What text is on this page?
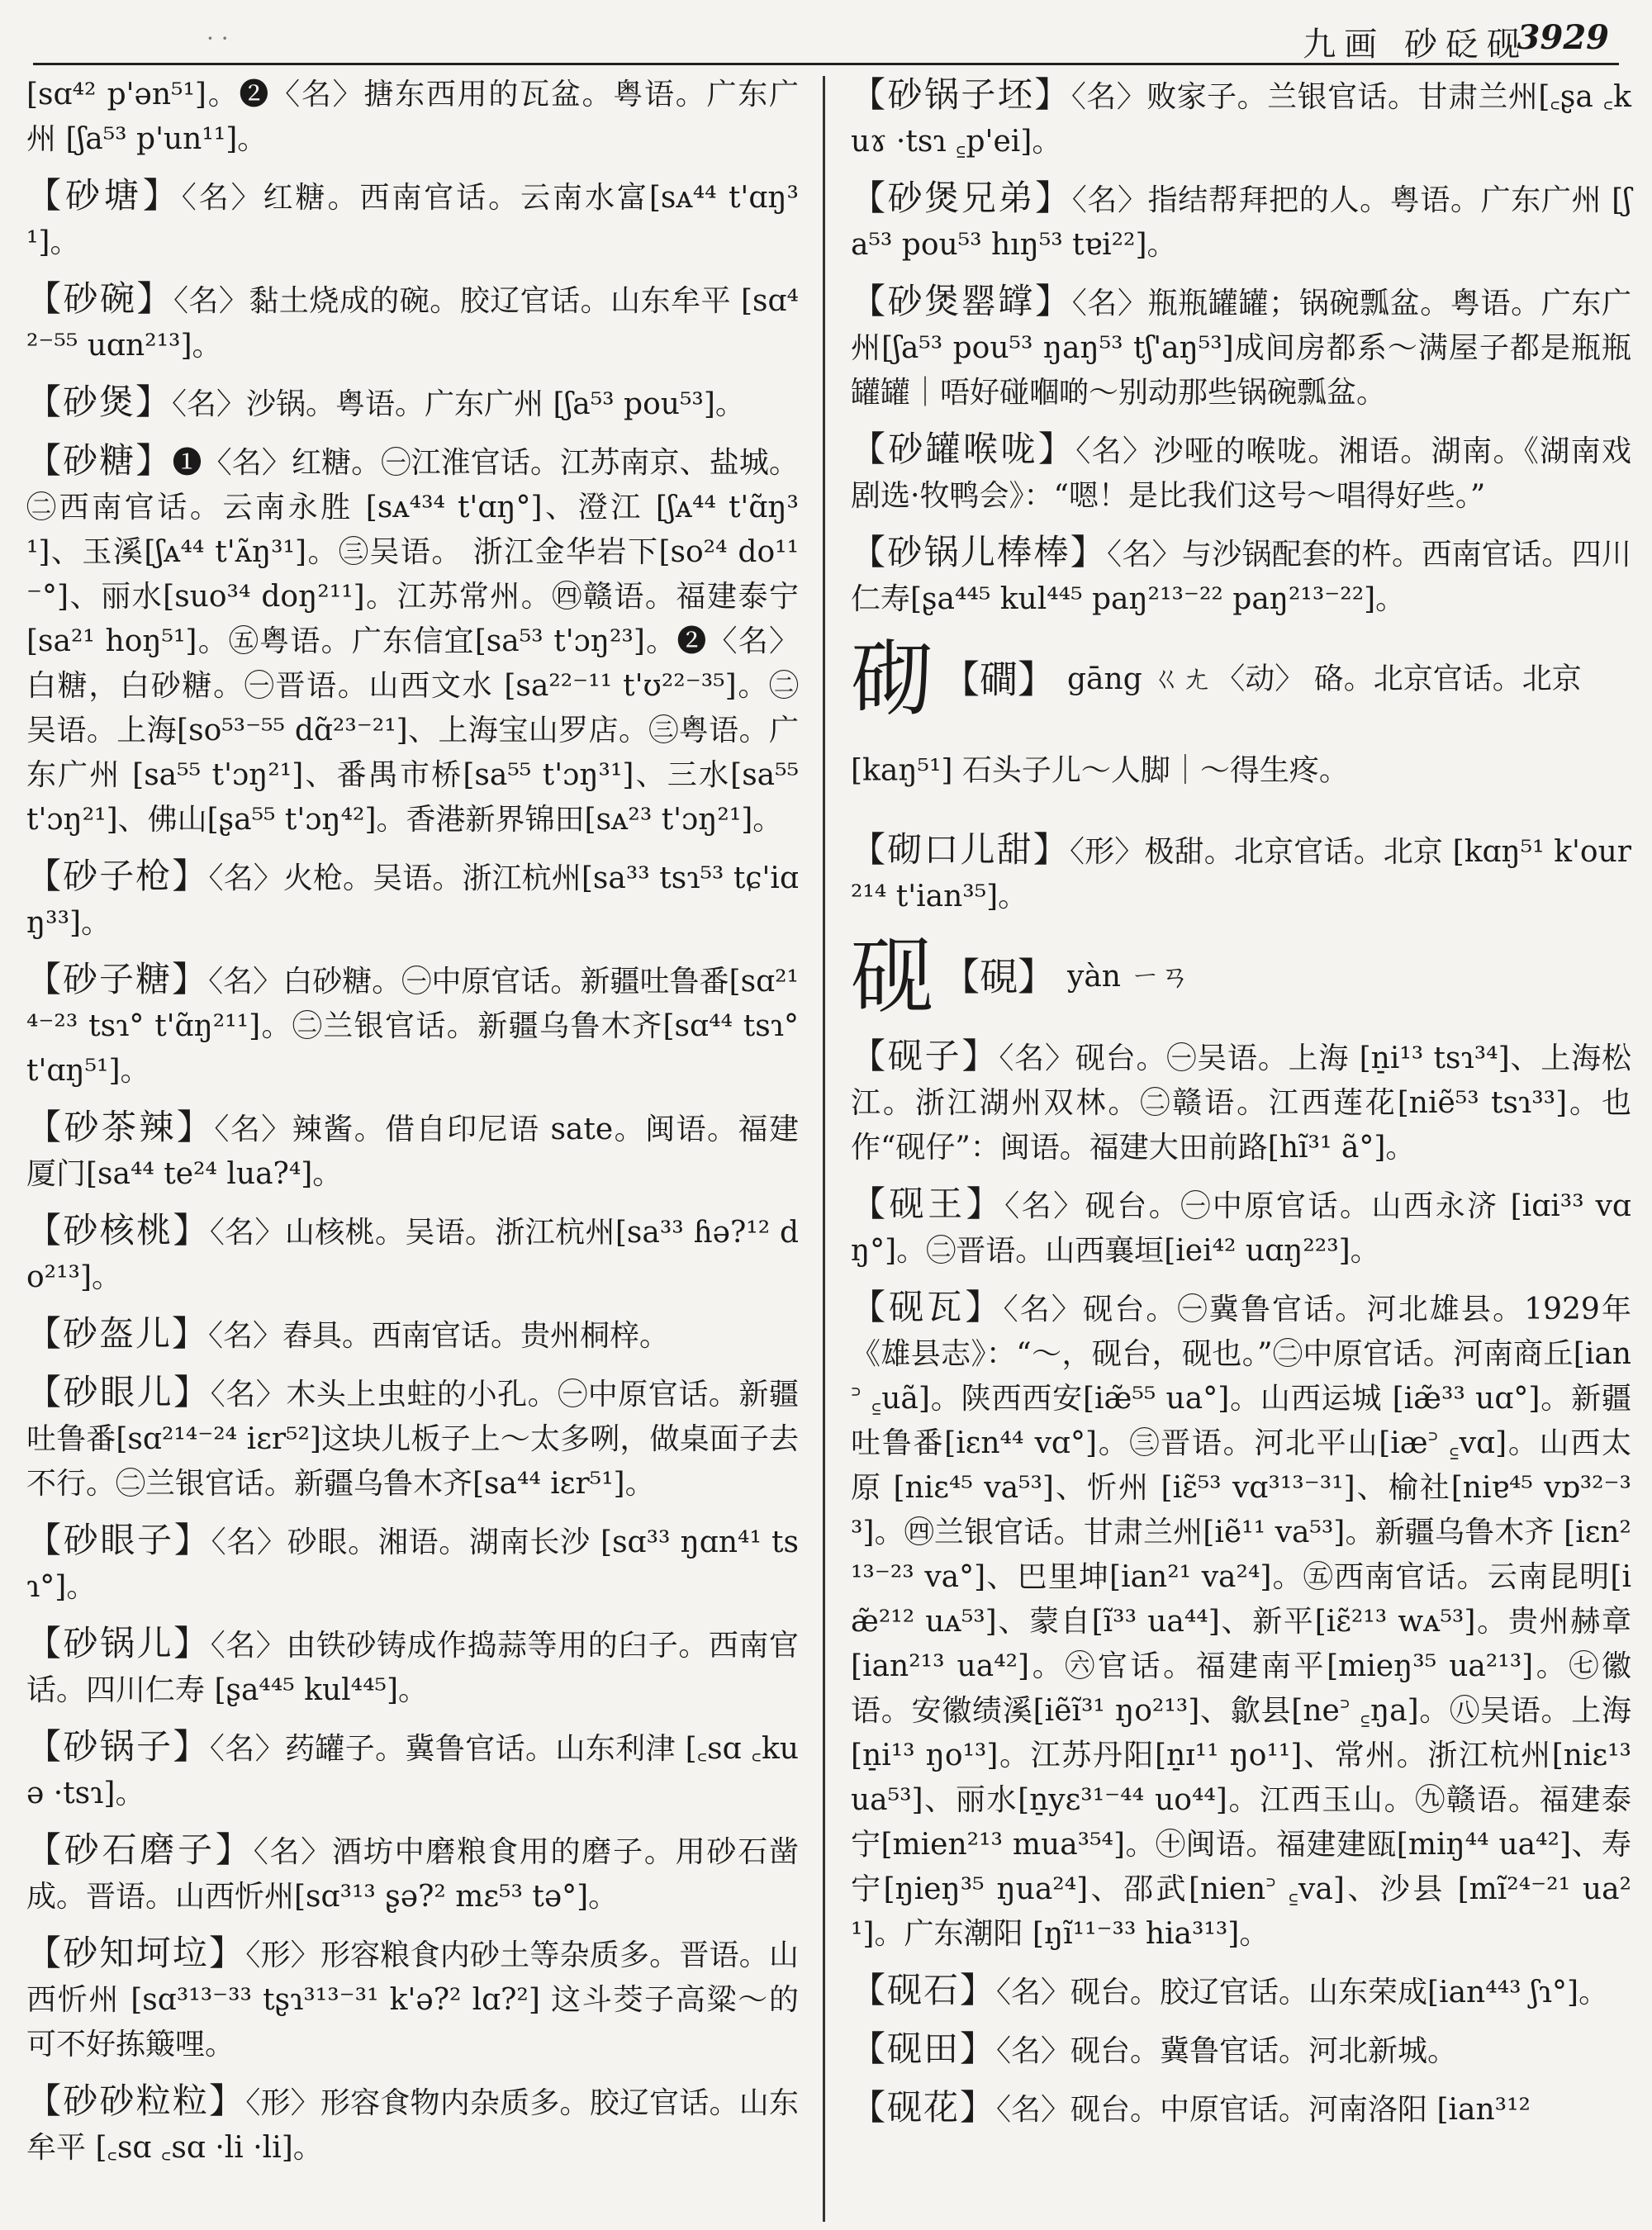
· ·	九画 砂砭砚
3929

[sɑ⁴² p'ən⁵¹]。❷〈名〉搪东西用的瓦盆。粤语。广东广州 [ʃa⁵³ p'un¹¹]。

【砂塘】〈名〉红糖。西南官话。云南水富[sᴀ⁴⁴ t'ɑŋ³¹]。

【砂碗】〈名〉黏土烧成的碗。胶辽官话。山东牟平 [sɑ⁴²⁻⁵⁵ uɑn²¹³]。

【砂煲】〈名〉沙锅。粤语。广东广州 [ʃa⁵³ pou⁵³]。

【砂糖】❶〈名〉红糖。㊀江淮官话。江苏南京、盐城。㊁西南官话。云南永胜 [sᴀ⁴³⁴ t'ɑŋ°]、澄江 [ʃᴀ⁴⁴ t'ɑ̃ŋ³¹]、玉溪[ʃᴀ⁴⁴ t'ᴀ̃ŋ³¹]。㊂吴语。 浙江金华岩下[so²⁴ do¹¹⁻°]、丽水[suo³⁴ doŋ²¹¹]。江苏常州。㊃赣语。福建泰宁[sa²¹ hoŋ⁵¹]。㊄粤语。广东信宜[sa⁵³ t'ɔŋ²³]。❷〈名〉白糖，白砂糖。㊀晋语。山西文水 [sa²²⁻¹¹ t'ʊ²²⁻³⁵]。㊁吴语。上海[so⁵³⁻⁵⁵ dɑ̃²³⁻²¹]、上海宝山罗店。㊂粤语。广东广州 [sa⁵⁵ t'ɔŋ²¹]、番禺市桥[sa⁵⁵ t'ɔŋ³¹]、三水[sa⁵⁵ t'ɔŋ²¹]、佛山[ʂa⁵⁵ t'ɔŋ⁴²]。香港新界锦田[sᴀ²³ t'ɔŋ²¹]。

【砂子枪】〈名〉火枪。吴语。浙江杭州[sa³³ tsɿ⁵³ tɕ'iɑŋ³³]。

【砂子糖】〈名〉白砂糖。㊀中原官话。新疆吐鲁番[sɑ²¹⁴⁻²³ tsɿ° t'ɑ̃ŋ²¹¹]。㊁兰银官话。新疆乌鲁木齐[sɑ⁴⁴ tsɿ° t'ɑŋ⁵¹]。

【砂茶辣】〈名〉辣酱。借自印尼语 sate。闽语。福建厦门[sa⁴⁴ te²⁴ lua?⁴]。

【砂核桃】〈名〉山核桃。吴语。浙江杭州[sa³³ ɦə?¹² do²¹³]。

【砂盔儿】〈名〉舂具。西南官话。贵州桐梓。

【砂眼儿】〈名〉木头上虫蛀的小孔。㊀中原官话。新疆吐鲁番[sɑ²¹⁴⁻²⁴ iɛr⁵²]这块儿板子上～太多咧，做桌面子去不行。㊁兰银官话。新疆乌鲁木齐[sa⁴⁴ iɛr⁵¹]。

【砂眼子】〈名〉砂眼。湘语。湖南长沙 [sɑ³³ ŋɑn⁴¹ tsɿ°]。

【砂锅儿】〈名〉由铁砂铸成作捣蒜等用的臼子。西南官话。四川仁寿 [ʂa⁴⁴⁵ kul⁴⁴⁵]。

【砂锅子】〈名〉药罐子。冀鲁官话。山东利津 [꜀sɑ ꜀kuə ·tsɿ]。

【砂石磨子】〈名〉酒坊中磨粮食用的磨子。用砂石凿成。晋语。山西忻州[sɑ³¹³ ʂə?² mɛ⁵³ tə°]。

【砂知坷垃】〈形〉形容粮食内砂土等杂质多。晋语。山西忻州 [sɑ³¹³⁻³³ tʂɿ³¹³⁻³¹ k'ə?² lɑ?²] 这斗茭子高粱～的可不好拣簸哩。

【砂砂粒粒】〈形〉形容食物内杂质多。胶辽官话。山东牟平 [꜀sɑ ꜀sɑ ·li ·li]。

【砂锅子坯】〈名〉败家子。兰银官话。甘肃兰州[꜀ʂa ꜀kuɤ ·tsɿ ꜁p'ei]。

【砂煲兄弟】〈名〉指结帮拜把的人。粤语。广东广州 [ʃa⁵³ pou⁵³ hıŋ⁵³ tɐi²²]。

【砂煲罂罉】〈名〉瓶瓶罐罐；锅碗瓢盆。粤语。广东广州[ʃa⁵³ pou⁵³ ŋaŋ⁵³ tʃ'aŋ⁵³]成间房都系～满屋子都是瓶瓶罐罐｜唔好碰嗰啲～别动那些锅碗瓢盆。

【砂罐喉咙】〈名〉沙哑的喉咙。湘语。湖南。《湖南戏剧选·牧鸭会》：“嗯！是比我们这号～唱得好些。”

【砂锅儿棒棒】〈名〉与沙锅配套的杵。西南官话。四川仁寿[ʂa⁴⁴⁵ kul⁴⁴⁵ paŋ²¹³⁻²² paŋ²¹³⁻²²]。

砌 【磵】 gāng ㄍㄤ 〈动〉 硌。北京官话。北京[kaŋ⁵¹] 石头子儿～人脚｜～得生疼。

【砌口儿甜】〈形〉极甜。北京官话。北京 [kɑŋ⁵¹ k'our²¹⁴ t'ian³⁵]。

砚 【硯】 yàn ㄧㄢ

【砚子】〈名〉砚台。㊀吴语。上海 [n̠i¹³ tsɿ³⁴]、上海松江。浙江湖州双林。㊁赣语。江西莲花[niẽ⁵³ tsɿ³³]。也作“砚仔”：闽语。福建大田前路[hĩ³¹ ã°]。

【砚王】〈名〉砚台。㊀中原官话。山西永济 [iɑi³³ vɑŋ°]。㊁晋语。山西襄垣[iei⁴² uɑŋ²²³]。

【砚瓦】〈名〉砚台。㊀冀鲁官话。河北雄县。1929年《雄县志》：“～，砚台，砚也。”㊁中原官话。河南商丘[ian꜄ ꜁uã]。陕西西安[iæ̃⁵⁵ ua°]。山西运城 [iæ̃³³ uɑ°]。新疆吐鲁番[iɛn⁴⁴ vɑ°]。㊂晋语。河北平山[iæ꜄ ꜁vɑ]。山西太原 [niɛ⁴⁵ va⁵³]、忻州 [iɛ̃⁵³ vɑ³¹³⁻³¹]、榆社[niɐ⁴⁵ vɒ³²⁻³³]。㊃兰银官话。甘肃兰州[iẽ¹¹ va⁵³]。新疆乌鲁木齐 [iɛn²¹³⁻²³ va°]、巴里坤[ian²¹ va²⁴]。㊄西南官话。云南昆明[iæ̃²¹² uᴀ⁵³]、蒙自[ĩ³³ ua⁴⁴]、新平[iɛ̃²¹³ wᴀ⁵³]。贵州赫章 [ian²¹³ ua⁴²]。㊅官话。福建南平[mieŋ³⁵ ua²¹³]。㊆徽语。安徽绩溪[iẽĩ³¹ ŋo²¹³]、歙县[ne꜄ ꜁ŋa]。㊇吴语。上海[n̠i¹³ ŋo¹³]。江苏丹阳[n̠ɪ¹¹ ŋo¹¹]、常州。浙江杭州[niɛ¹³ ua⁵³]、丽水[n̠yɛ³¹⁻⁴⁴ uo⁴⁴]。江西玉山。㊈赣语。福建泰宁[mien²¹³ mua³⁵⁴]。㊉闽语。福建建瓯[miŋ⁴⁴ ua⁴²]、寿宁[ŋieŋ³⁵ ŋua²⁴]、邵武[nien꜄ ꜁va]、沙县 [mĩ²⁴⁻²¹ ua²¹]。广东潮阳 [ŋĩ¹¹⁻³³ hia³¹³]。

【砚石】〈名〉砚台。胶辽官话。山东荣成[ian⁴⁴³ ʃɿ°]。

【砚田】〈名〉砚台。冀鲁官话。河北新城。

【砚花】〈名〉砚台。中原官话。河南洛阳 [ian³¹²
